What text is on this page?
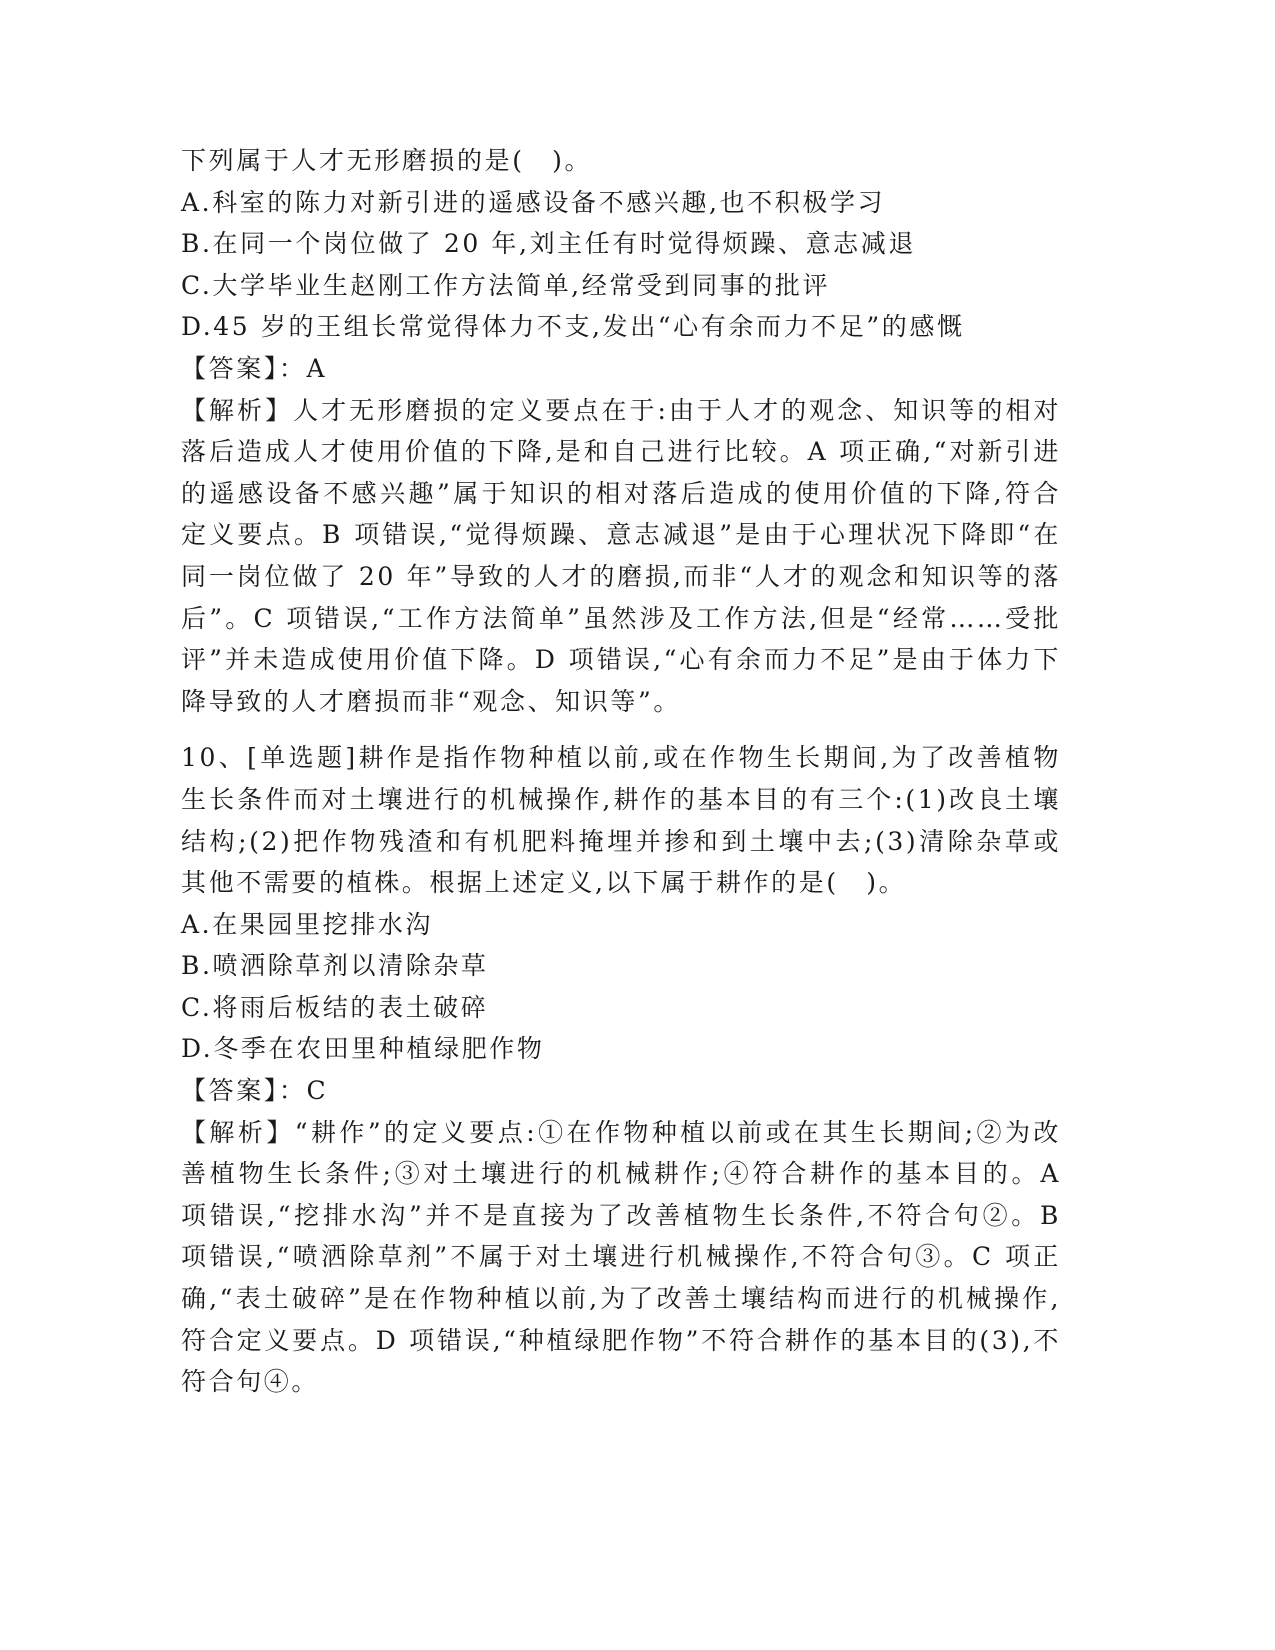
下列属于人才无形磨损的是(　)。

A.科室的陈力对新引进的遥感设备不感兴趣,也不积极学习

B.在同一个岗位做了 20 年,刘主任有时觉得烦躁、意志减退

C.大学毕业生赵刚工作方法简单,经常受到同事的批评

D.45 岁的王组长常觉得体力不支,发出“心有余而力不足”的感慨

【答案】：A

【解析】人才无形磨损的定义要点在于:由于人才的观念、知识等的相对落后造成人才使用价值的下降,是和自己进行比较。A 项正确,“对新引进的遥感设备不感兴趣”属于知识的相对落后造成的使用价值的下降,符合定义要点。B 项错误,“觉得烦躁、意志减退”是由于心理状况下降即“在同一岗位做了 20 年”导致的人才的磨损,而非“人才的观念和知识等的落后”。C 项错误,“工作方法简单”虽然涉及工作方法,但是“经常……受批评”并未造成使用价值下降。D 项错误,“心有余而力不足”是由于体力下降导致的人才磨损而非“观念、知识等”。

10、[单选题]耕作是指作物种植以前,或在作物生长期间,为了改善植物生长条件而对土壤进行的机械操作,耕作的基本目的有三个:(1)改良土壤结构;(2)把作物残渣和有机肥料掩埋并掺和到土壤中去;(3)清除杂草或其他不需要的植株。根据上述定义,以下属于耕作的是(　)。

A.在果园里挖排水沟

B.喷洒除草剂以清除杂草

C.将雨后板结的表土破碎

D.冬季在农田里种植绿肥作物

【答案】：C

【解析】“耕作”的定义要点:①在作物种植以前或在其生长期间;②为改善植物生长条件;③对土壤进行的机械耕作;④符合耕作的基本目的。A 项错误,“挖排水沟”并不是直接为了改善植物生长条件,不符合句②。B 项错误,“喷洒除草剂”不属于对土壤进行机械操作,不符合句③。C 项正确,“表土破碎”是在作物种植以前,为了改善土壤结构而进行的机械操作,符合定义要点。D 项错误,“种植绿肥作物”不符合耕作的基本目的(3),不符合句④。
